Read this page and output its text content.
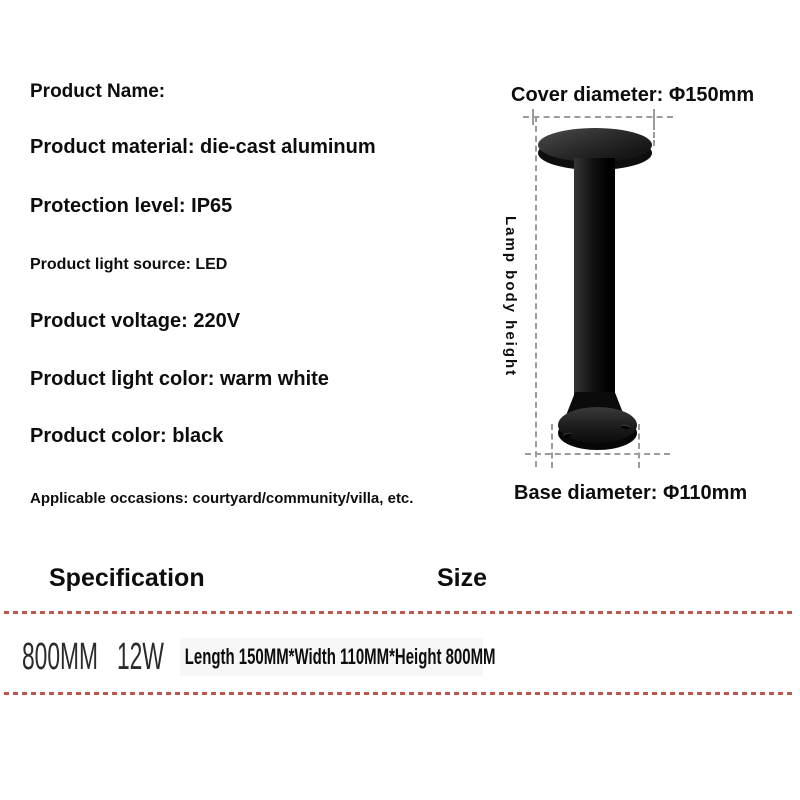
Product Name:
Product material: die-cast aluminum
Protection level: IP65
Product light source: LED
Product voltage: 220V
Product light color: warm white
Product color: black
Applicable occasions: courtyard/community/villa, etc.
Cover diameter: Φ150mm
Lamp body height
Base diameter: Φ110mm
Specification	Size
800MM 12W Length 150MM*Width 110MM*Height 800MM
